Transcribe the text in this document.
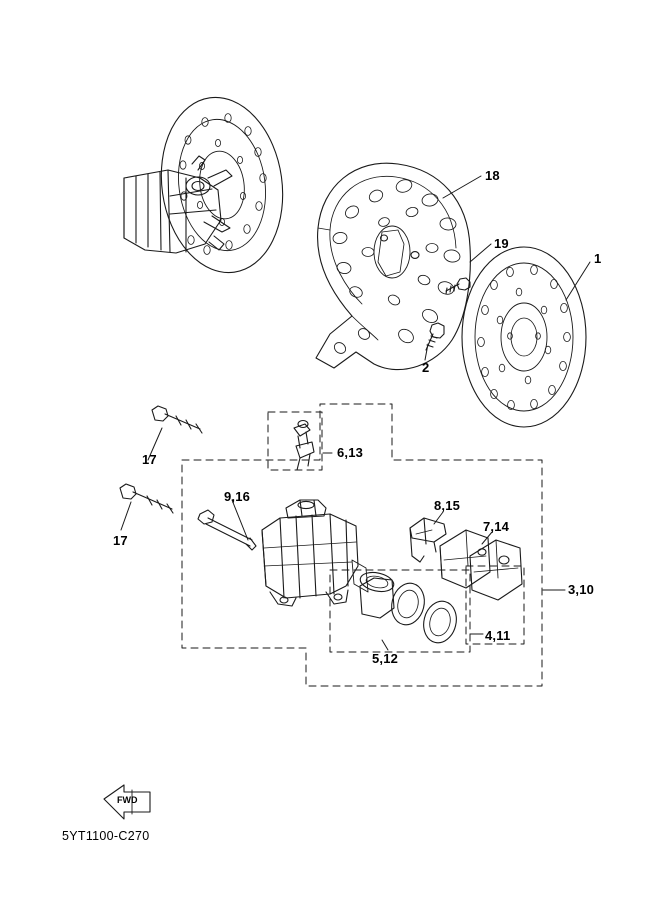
18
19
1
2
17	6,13
9,16
8,15
7,14
17
3,10
4,11
5,12
FWD
5YT1100-C270
